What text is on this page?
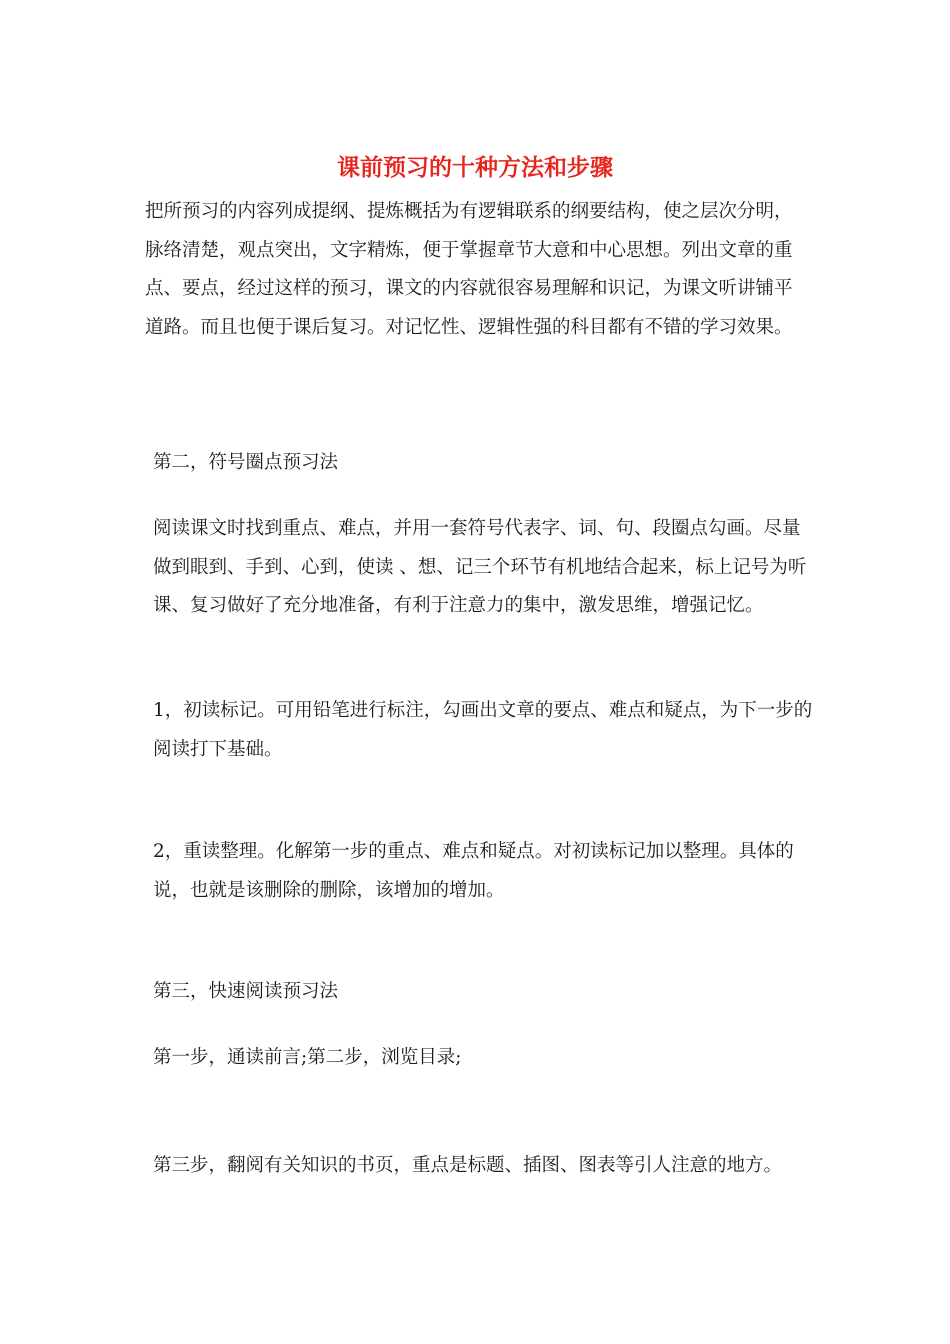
课前预习的十种方法和步骤

把所预习的内容列成提纲、提炼概括为有逻辑联系的纲要结构，使之层次分明，脉络清楚，观点突出，文字精炼，便于掌握章节大意和中心思想。列出文章的重 点、要点，经过这样的预习，课文的内容就很容易理解和识记，为课文听讲铺平道路。而且也便于课后复习。对记忆性、逻辑性强的科目都有不错的学习效果。

第二，符号圈点预习法

阅读课文时找到重点、难点，并用一套符号代表字、词、句、段圈点勾画。尽量做到眼到、手到、心到，使读 、想、记三个环节有机地结合起来，标上记号为听课、复习做好了充分地准备，有利于注意力的集中，激发思维，增强记忆。

1，初读标记。可用铅笔进行标注，勾画出文章的要点、难点和疑点，为下一步的阅读打下基础。

2，重读整理。化解第一步的重点、难点和疑点。对初读标记加以整理。具体的说，也就是该删除的删除，该增加的增加。

第三，快速阅读预习法

第一步，通读前言;第二步，浏览目录;

第三步，翻阅有关知识的书页，重点是标题、插图、图表等引人注意的地方。
